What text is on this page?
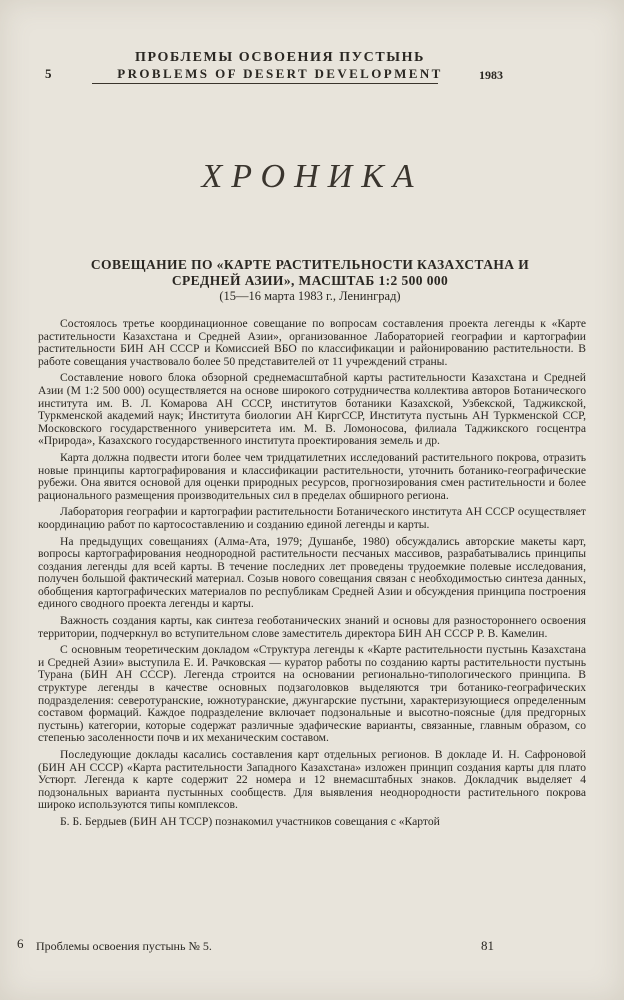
ПРОБЛЕМЫ ОСВОЕНИЯ ПУСТЫНЬ
5	PROBLEMS OF DESERT DEVELOPMENT	1983
ХРОНИКА
СОВЕЩАНИЕ ПО «КАРТЕ РАСТИТЕЛЬНОСТИ КАЗАХСТАНА И СРЕДНЕЙ АЗИИ», МАСШТАБ 1:2 500 000
(15—16 марта 1983 г., Ленинград)

Состоялось третье координационное совещание по вопросам составления проекта легенды к «Карте растительности Казахстана и Средней Азии», организованное Лабораторией географии и картографии растительности БИН АН СССР и Комиссией ВБО по классификации и районированию растительности. В работе совещания участвовало более 50 представителей от 11 учреждений страны.

Составление нового блока обзорной среднемасштабной карты растительности Казахстана и Средней Азии (М 1:2 500 000) осуществляется на основе широкого сотрудничества коллектива авторов Ботанического института им. В. Л. Комарова АН СССР, институтов ботаники Казахской, Узбекской, Таджикской, Туркменской академий наук; Института биологии АН КиргССР, Института пустынь АН Туркменской ССР, Московского государственного университета им. М. В. Ломоносова, филиала Таджикского госцентра «Природа», Казахского государственного института проектирования земель и др.

Карта должна подвести итоги более чем тридцатилетних исследований растительного покрова, отразить новые принципы картографирования и классификации растительности, уточнить ботанико-географические рубежи. Она явится основой для оценки природных ресурсов, прогнозирования смен растительности и более рационального размещения производительных сил в пределах обширного региона.

Лаборатория географии и картографии растительности Ботанического института АН СССР осуществляет координацию работ по картосоставлению и созданию единой легенды и карты.

На предыдущих совещаниях (Алма-Ата, 1979; Душанбе, 1980) обсуждались авторские макеты карт, вопросы картографирования неоднородной растительности песчаных массивов, разрабатывались принципы создания легенды для всей карты. В течение последних лет проведены трудоемкие полевые исследования, получен большой фактический материал. Созыв нового совещания связан с необходимостью синтеза данных, обобщения картографических материалов по республикам Средней Азии и обсуждения принципа построения единого сводного проекта легенды и карты.

Важность создания карты, как синтеза геоботанических знаний и основы для разностороннего освоения территории, подчеркнул во вступительном слове заместитель директора БИН АН СССР Р. В. Камелин.

С основным теоретическим докладом «Структура легенды к «Карте растительности пустынь Казахстана и Средней Азии» выступила Е. И. Рачковская — куратор работы по созданию карты растительности пустынь Турана (БИН АН СССР). Легенда строится на основании регионально-типологического принципа. В структуре легенды в качестве основных подзаголовков выделяются три ботанико-географических подразделения: северотуранские, южнотуранские, джунгарские пустыни, характеризующиеся определенным составом формаций. Каждое подразделение включает подзональные и высотно-поясные (для предгорных пустынь) категории, которые содержат различные эдафические варианты, связанные, главным образом, со степенью засоленности почв и их механическим составом.

Последующие доклады касались составления карт отдельных регионов. В докладе И. Н. Сафроновой (БИН АН СССР) «Карта растительности Западного Казахстана» изложен принцип создания карты для плато Устюрт. Легенда к карте содержит 22 номера и 12 внемасштабных знаков. Докладчик выделяет 4 подзональных варианта пустынных сообществ. Для выявления неоднородности растительного покрова широко используются типы комплексов.

Б. Б. Бердыев (БИН АН ТССР) познакомил участников совещания с «Картой

6 Проблемы освоения пустынь № 5.	81
